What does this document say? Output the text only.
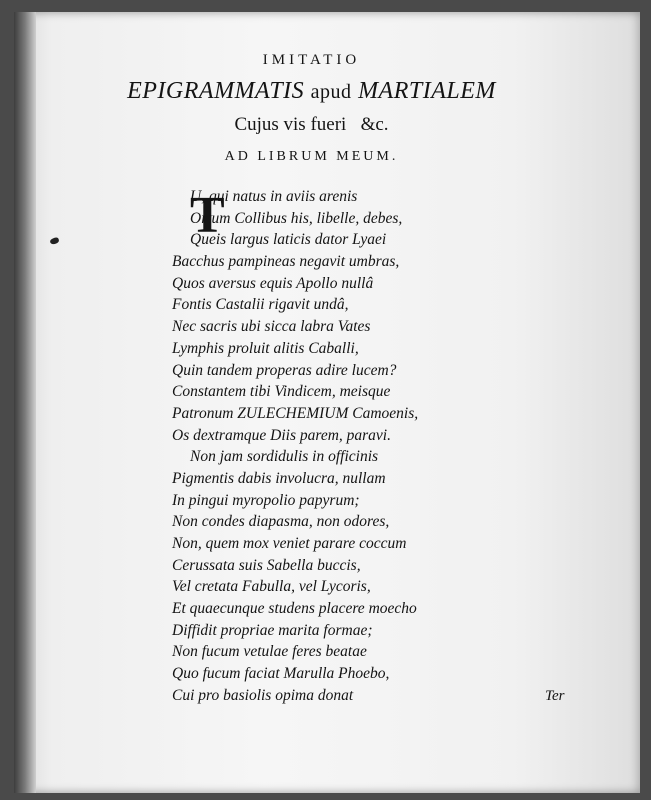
IMITATIO
EPIGRAMMATIS apud MARTIALEM
Cujus vis fueri   &c.
AD LIBRUM MEUM.
T
U, qui natus in aviis arenis
Ortum Collibus his, libelle, debes,
Queis largus laticis dator Lyaei
Bacchus pampineas negavit umbras,
Quos aversus equis Apollo nullâ
Fontis Castalii rigavit undâ,
Nec sacris ubi sicca labra Vates
Lymphis proluit alitis Caballi,
Quin tandem properas adire lucem?
Constantem tibi Vindicem, meisque
Patronum ZULECHEMIUM Camoenis,
Os dextramque Diis parem, paravi.
Non jam sordidulis in officinis
Pigmentis dabis involucra, nullam
In pingui myropolio papyrum;
Non condes diapasma, non odores,
Non, quem mox veniet parare coccum
Cerussata suis Sabella buccis,
Vel cretata Fabulla, vel Lycoris,
Et quaecunque studens placere moecho
Diffidit propriae marita formae;
Non fucum vetulae feres beatae
Quo fucum faciat Marulla Phoebo,
Cui pro basiolis opima donat	Ter
